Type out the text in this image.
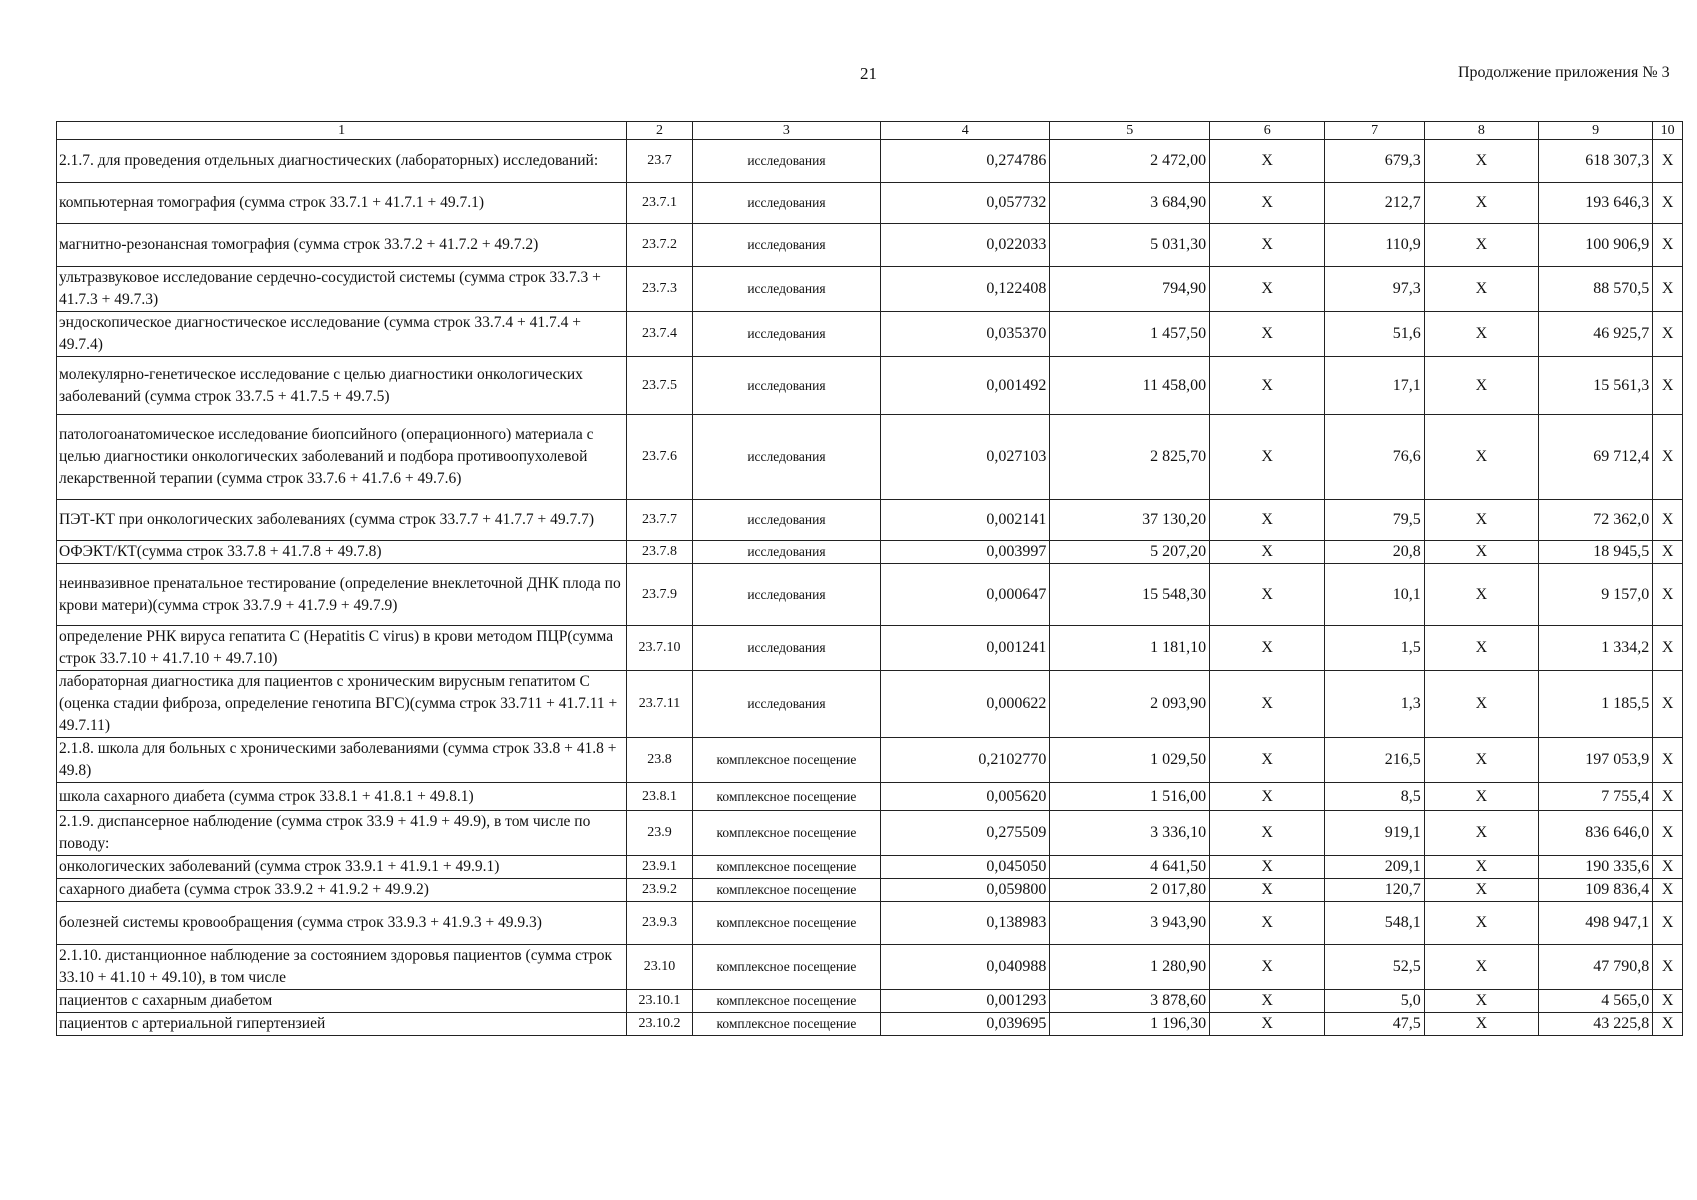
21	Продолжение приложения № 3
1	2	3	4	5	6	7	8	9	10
2.1.7. для проведения отдельных диагностических (лабораторных) исследований:	23.7	исследования	0,274786	2 472,00	X	679,3	X	618 307,3	X
компьютерная томография (сумма строк 33.7.1 + 41.7.1 + 49.7.1)	23.7.1	исследования	0,057732	3 684,90	X	212,7	X	193 646,3	X
магнитно-резонансная томография (сумма строк 33.7.2 + 41.7.2 + 49.7.2)	23.7.2	исследования	0,022033	5 031,30	X	110,9	X	100 906,9	X
ультразвуковое исследование сердечно-сосудистой системы (сумма строк 33.7.3 + 41.7.3 + 49.7.3)	23.7.3	исследования	0,122408	794,90	X	97,3	X	88 570,5	X
эндоскопическое диагностическое исследование (сумма строк 33.7.4 + 41.7.4 + 49.7.4)	23.7.4	исследования	0,035370	1 457,50	X	51,6	X	46 925,7	X
молекулярно-генетическое исследование с целью диагностики онкологических заболеваний (сумма строк 33.7.5 + 41.7.5 + 49.7.5)	23.7.5	исследования	0,001492	11 458,00	X	17,1	X	15 561,3	X
патологоанатомическое исследование биопсийного (операционного) материала с целью диагностики онкологических заболеваний и подбора противоопухолевой лекарственной терапии (сумма строк 33.7.6 + 41.7.6 + 49.7.6)	23.7.6	исследования	0,027103	2 825,70	X	76,6	X	69 712,4	X
ПЭТ-КТ при онкологических заболеваниях (сумма строк 33.7.7 + 41.7.7 + 49.7.7)	23.7.7	исследования	0,002141	37 130,20	X	79,5	X	72 362,0	X
ОФЭКТ/КТ(сумма строк 33.7.8 + 41.7.8 + 49.7.8)	23.7.8	исследования	0,003997	5 207,20	X	20,8	X	18 945,5	X
неинвазивное пренатальное тестирование (определение внеклеточной ДНК плода по крови матери)(сумма строк 33.7.9 + 41.7.9 + 49.7.9)	23.7.9	исследования	0,000647	15 548,30	X	10,1	X	9 157,0	X
определение РНК вируса гепатита С (Hepatitis C virus) в крови методом ПЦР(сумма строк 33.7.10 + 41.7.10 + 49.7.10)	23.7.10	исследования	0,001241	1 181,10	X	1,5	X	1 334,2	X
лабораторная диагностика для пациентов с хроническим вирусным гепатитом С (оценка стадии фиброза, определение генотипа ВГС)(сумма строк 33.711 + 41.7.11 + 49.7.11)	23.7.11	исследования	0,000622	2 093,90	X	1,3	X	1 185,5	X
2.1.8. школа для больных с хроническими заболеваниями (сумма строк 33.8 + 41.8 + 49.8)	23.8	комплексное посещение	0,2102770	1 029,50	X	216,5	X	197 053,9	X
школа сахарного диабета (сумма строк 33.8.1 + 41.8.1 + 49.8.1)	23.8.1	комплексное посещение	0,005620	1 516,00	X	8,5	X	7 755,4	X
2.1.9. диспансерное наблюдение (сумма строк 33.9 + 41.9 + 49.9), в том числе по поводу:	23.9	комплексное посещение	0,275509	3 336,10	X	919,1	X	836 646,0	X
онкологических заболеваний (сумма строк 33.9.1 + 41.9.1 + 49.9.1)	23.9.1	комплексное посещение	0,045050	4 641,50	X	209,1	X	190 335,6	X
сахарного диабета (сумма строк 33.9.2 + 41.9.2 + 49.9.2)	23.9.2	комплексное посещение	0,059800	2 017,80	X	120,7	X	109 836,4	X
болезней системы кровообращения (сумма строк 33.9.3 + 41.9.3 + 49.9.3)	23.9.3	комплексное посещение	0,138983	3 943,90	X	548,1	X	498 947,1	X
2.1.10. дистанционное наблюдение за состоянием здоровья пациентов (сумма строк 33.10 + 41.10 + 49.10), в том числе	23.10	комплексное посещение	0,040988	1 280,90	X	52,5	X	47 790,8	X
пациентов с сахарным диабетом	23.10.1	комплексное посещение	0,001293	3 878,60	X	5,0	X	4 565,0	X
пациентов с артериальной гипертензией	23.10.2	комплексное посещение	0,039695	1 196,30	X	47,5	X	43 225,8	X
